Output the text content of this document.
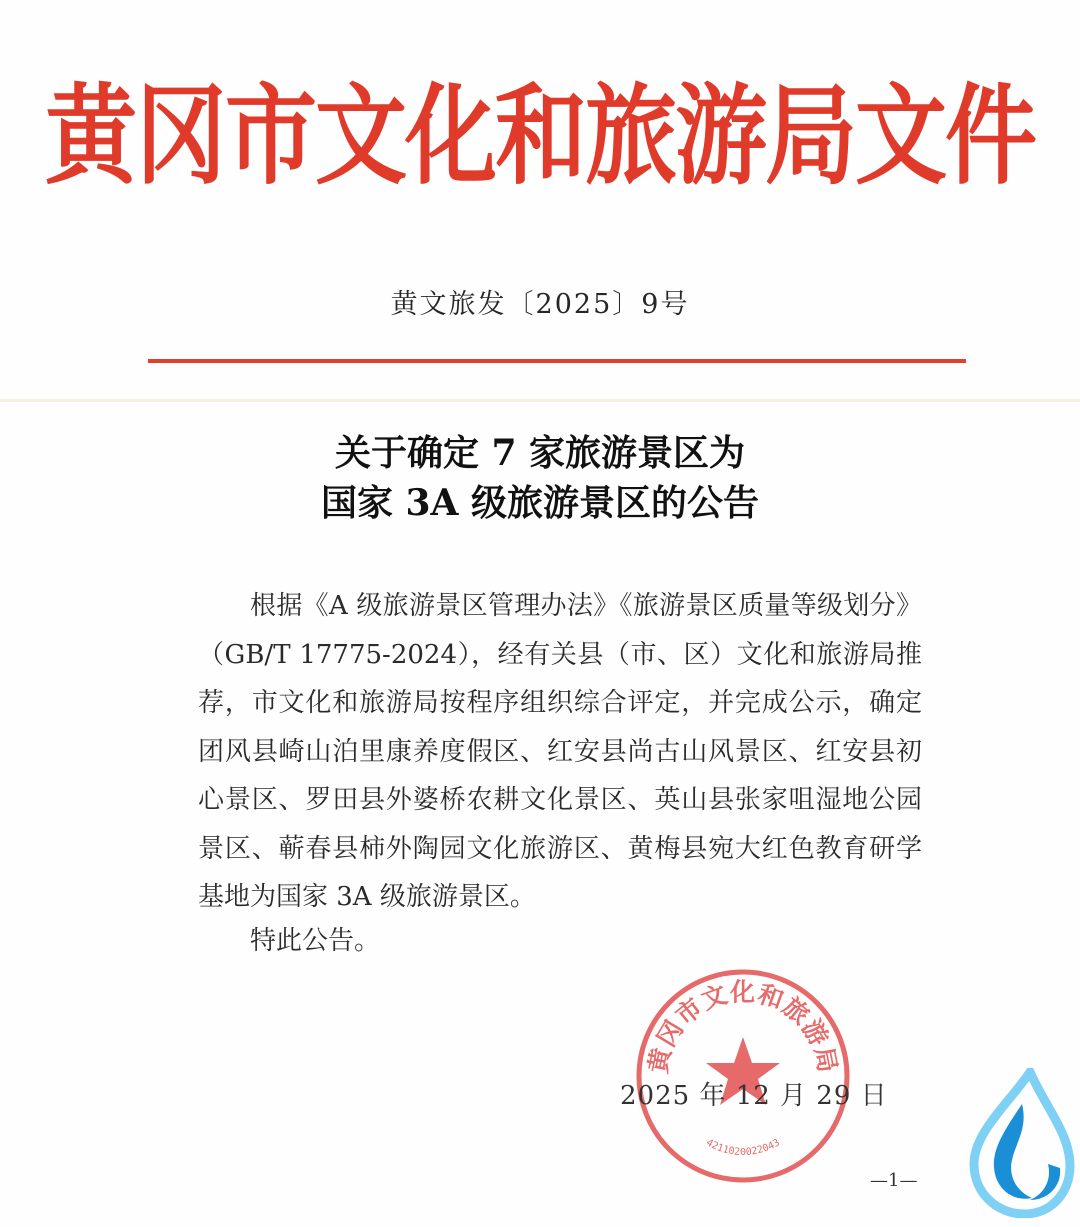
黄冈市文化和旅游局文件
黄文旅发〔2025〕9号
关于确定 7 家旅游景区为
国家 3A 级旅游景区的公告

根据《A 级旅游景区管理办法》《旅游景区质量等级划分》（GB/T 17775-2024），经有关县（市、区）文化和旅游局推荐，市文化和旅游局按程序组织综合评定，并完成公示，确定团风县崎山泊里康养度假区、红安县尚古山风景区、红安县初心景区、罗田县外婆桥农耕文化景区、英山县张家咀湿地公园景区、蕲春县柿外陶园文化旅游区、黄梅县宛大红色教育研学基地为国家 3A 级旅游景区。

特此公告。
黄冈市文化和旅游局
4211020022043
2025 年 12 月 29 日
—1—
